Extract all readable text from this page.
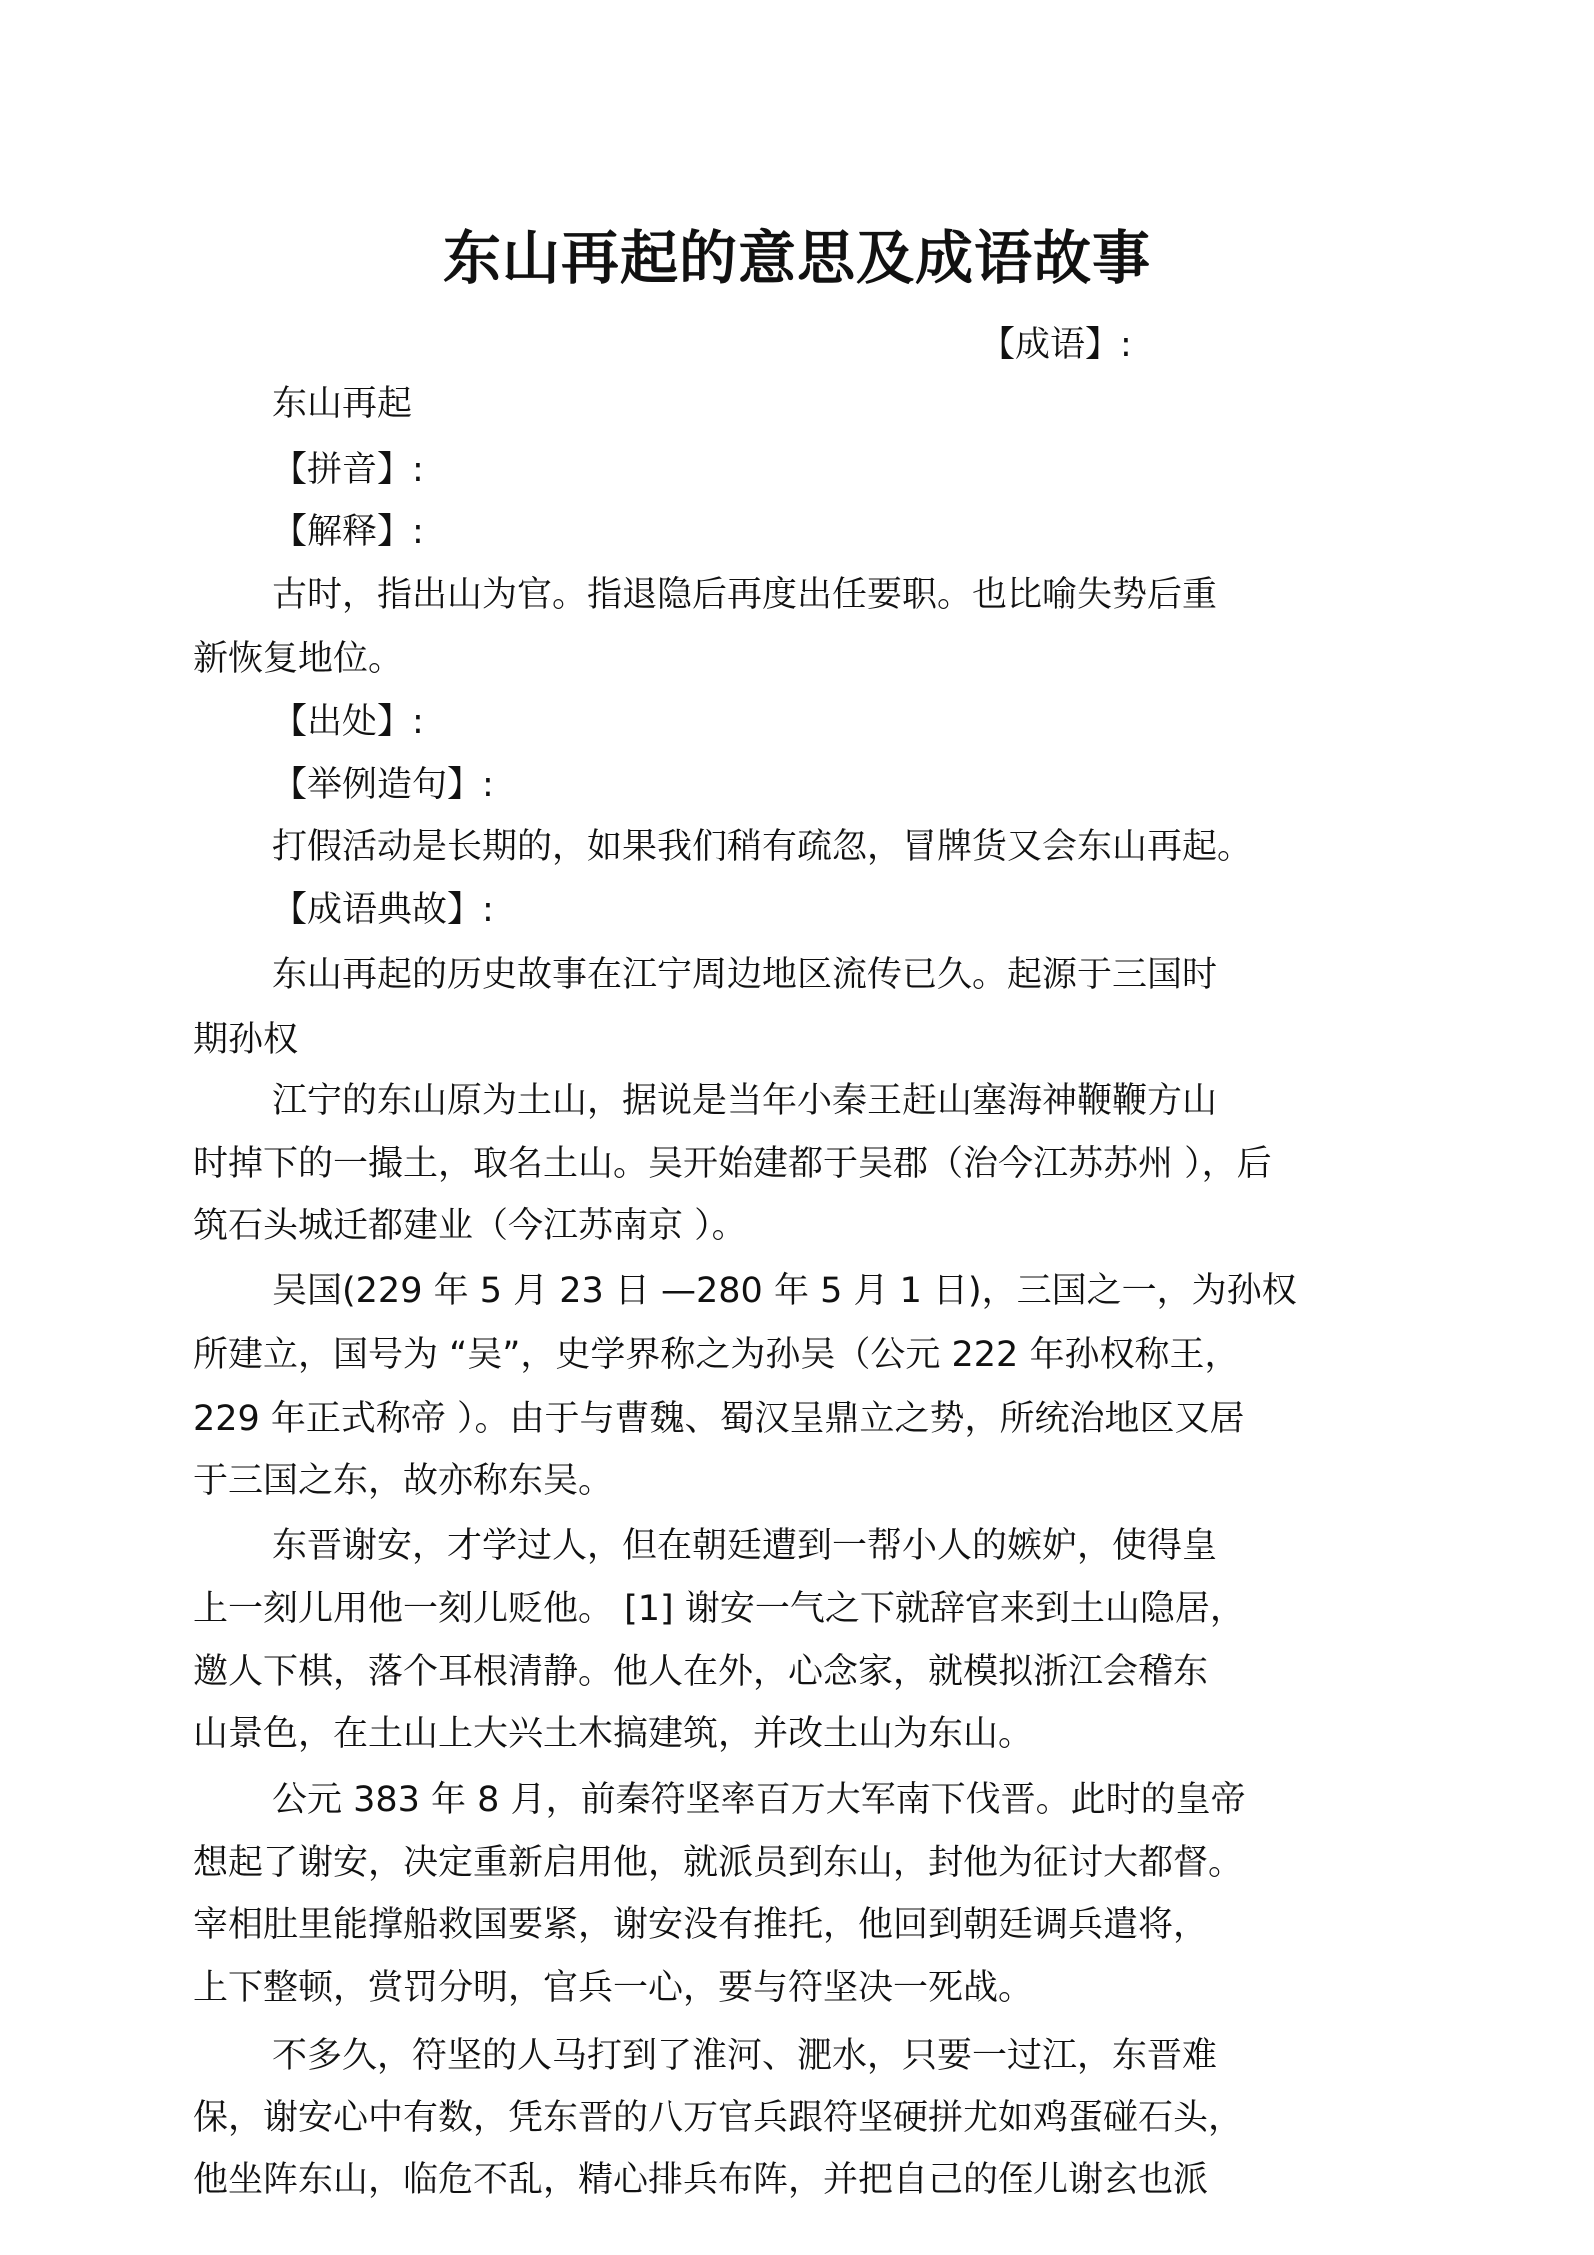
东山再起的意思及成语故事

【成语】:

东山再起

【拼音】:

【解释】:

古时，指出山为官。指退隐后再度出任要职。也比喻失势后重

新恢复地位。

【出处】:

【举例造句】:

打假活动是长期的，如果我们稍有疏忽，冒牌货又会东山再起。

【成语典故】:

东山再起的历史故事在江宁周边地区流传已久。起源于三国时

期孙权

江宁的东山原为土山，据说是当年小秦王赶山塞海神鞭鞭方山

时掉下的一撮土，取名土山。吴开始建都于吴郡（治今江苏苏州 ），后

筑石头城迁都建业（今江苏南京 ）。

吴国(229 年 5 月 23 日 —280 年 5 月 1 日)，三国之一，为孙权

所建立，国号为 “吴”，史学界称之为孙吴（公元 222 年孙权称王，

229 年正式称帝 ）。由于与曹魏、蜀汉呈鼎立之势，所统治地区又居

于三国之东，故亦称东吴。

东晋谢安，才学过人，但在朝廷遭到一帮小人的嫉妒，使得皇

上一刻儿用他一刻儿贬他。 [1] 谢安一气之下就辞官来到土山隐居，

邀人下棋，落个耳根清静。他人在外，心念家，就模拟浙江会稽东

山景色，在土山上大兴土木搞建筑，并改土山为东山。

公元 383 年 8 月，前秦符坚率百万大军南下伐晋。此时的皇帝

想起了谢安，决定重新启用他，就派员到东山，封他为征讨大都督。

宰相肚里能撑船救国要紧，谢安没有推托，他回到朝廷调兵遣将，

上下整顿，赏罚分明，官兵一心，要与符坚决一死战。

不多久，符坚的人马打到了淮河、淝水，只要一过江，东晋难

保，谢安心中有数，凭东晋的八万官兵跟符坚硬拼尤如鸡蛋碰石头，

他坐阵东山，临危不乱，精心排兵布阵，并把自己的侄儿谢玄也派
